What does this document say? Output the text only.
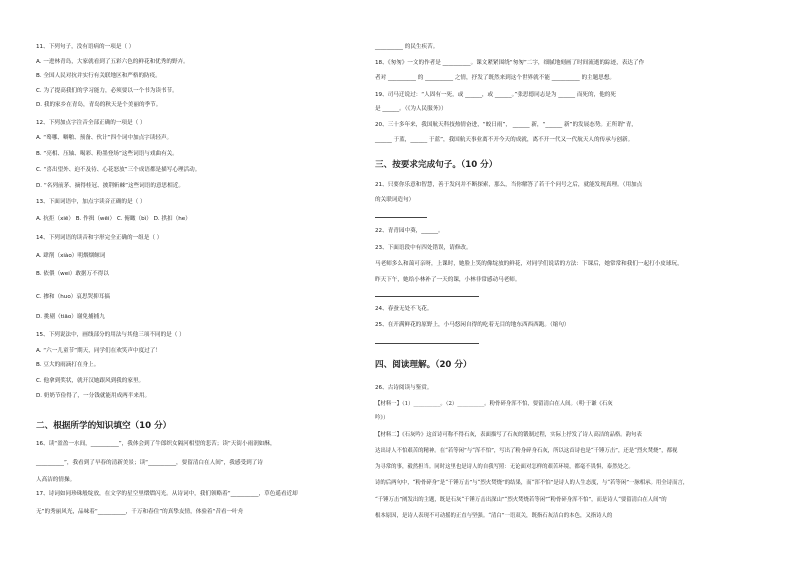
11、下列句子，没有语病的一项是（ ）
A. 一进林青岛，大家就看到了五彩六色的鲜花和优秀的野卉。
B. 全国人民对抗并实行有关联地区和严格的防疫。
C. 为了提高我们的学习能力，必须要以一个书为读书节。
D. 我的家乡在青岛，青岛的秋天是个美丽的季节。
12、下列加点字注音全部正确的一项是（ ）
A. “蓦哪、噼啪、预备、伙计”四个词中加点字读轻声。
B. “亮相、压轴、喝彩、粉墨登场”这些词语与戏曲有关。
C. “喜出望外、迫不及待、心花怒放”三个成语都是描写心理活动。
D. “名列前茅、摘得桂冠、披荆斩棘”这些词语的意思相近。
13、下面词语中，加点字读音正确的是（ ）
A. 抗拒（xiē） B. 作揖（wēi） C. 俯瞰（bì） D. 拱扣（he）
14、下列词语的读音和字形完全正确的一组是（ ）
A. 肆削（xiào）明烟烟鲸词
B. 依偎（wei）敢据万不得以
C. 掺和（huo）哀思哭抑耳搞
D. 挑剔（tiāo）谢免捕捕九
15、下列说法中，画线部分的用法与其他三项不同的是（ ）
A. “六一儿童节”期天，同学们在欢笑声中度过了！
B. 豆大的雨滴打在身上。
C. 他拿到奖状，就开汉她跟风到我的家里。
D. 奶奶节俭得了，一分钱就能用成两半来用。
二、根据所学的知识填空（10 分）
16、读“盈盈一水间，__________”，我体会到了牛郎织女隔河相望的悲苦；读“天街小雨润如酥，
__________”，我看到了早春的清新美景；读“__________，要留清白在人间”，我感受到了诗
人高洁的情操。
17、诗词如同珍珠般绽放，在文学的星空里熠熠闪光。从诗词中，我们领略着“__________，草色遥看近却
无”的秀丽风光，品味着“__________，千万和春住”的真挚友情，体验着“昔看一叶舟
__________ 的民生疾苦。
18、《匆匆》一文的作者是 __________。课文紧紧围绕“匆匆”二字，细腻地刻画了时间流逝的踪迹，表达了作
者对 __________ 的 __________ 之情，抒发了既然来到这个世界就不能 __________ 的主题思想。
19、司马迁说过：“人固有一死，或 ______，或 ______。”张思德同志是为 ______ 而死的，他的死
是 ______。（《为人民服务》）
20、三十多年来，我国航天科技热情奋进，“蛟日雨”， ______ 新，“______ 新”的发展态势。正所谓“青，
______ 于蓝，______ 于蓝”，我国航天事业离不开今天的成就，离不开一代又一代航天人的传承与创新。
三、按要求完成句子。（10 分）
21、只要你乐意和智慧，善于发问并不断探索，那么，当你解答了若干个问号之后，就能发现真理。（用加点
的关联词造句）
22、青青园中葵，______。
23、下面语段中有四处错误，请修改。
马老师多么和蔼可亲呀，上课时，她脸上笑的像绽放的鲜花，对同学们说话的方法：下课后，她常常和我们一起打小皮球玩，
昨天下午，她给小林补了一天的课，小林非常感动马老师。
24、春蚕无处不飞花。
25、在开满鲜花的原野上，小马悠闲自得的吃着无目的地东西西西跑。（缩句）
四、阅读理解。（20 分）
26、古诗阅读与鉴赏。
【材料一】（1）__________。（2）__________。粉骨碎身浑不怕，要留清白在人间。（明·于谦《石灰
吟》）
【材料二】《石灰吟》这首诗可称不得石灰，表面描写了石灰的锻制过程，实际上抒发了诗人高洁的品格。韵句表
达出诗人不怕艰苦的精神。在“若等闲”与“浑不怕”，写出了粉身碎身石灰，所以这首诗也是“千锤万击”，还是“烈火焚烧”，都视
为寻常的事，毅然担当。同时这里也是诗人的自我写照：无论面对怎样的艰苦环境，都毫不畏惧，泰然处之。
诗的后两句中，“粉骨碎身”是“千锤万击”与“烈火焚烧”的结果，而“浑不怕”是诗人的人生态度，与“若等闲”一脉相承。用全诗而言，
“千锤万击”阐发出的主题，既是石灰“千锤万击出深山”“烈火焚烧若等闲”“粉骨碎身浑不怕”，而是诗人“要留清白在人间”的
根本原因，是诗人表现不可动摇的正直与坚强。“清白”一语双关，既指石灰洁白的本色，又指诗人的
